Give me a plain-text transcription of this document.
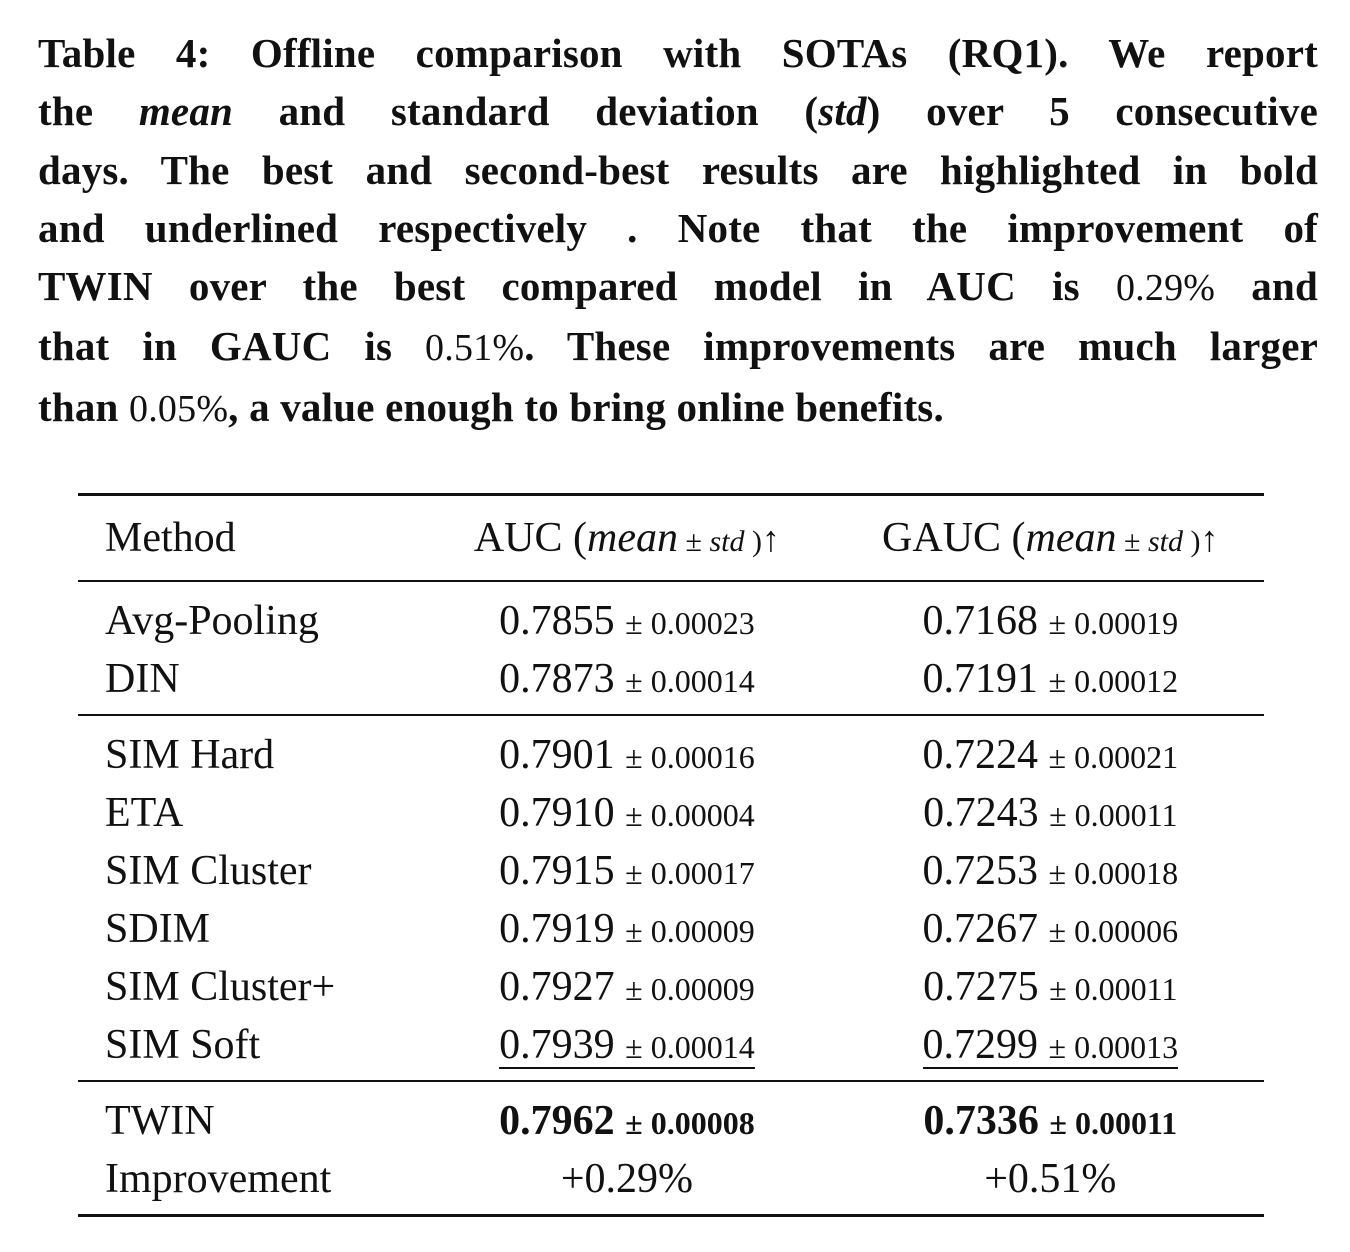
Table 4: Offline comparison with SOTAs (RQ1). We report
the mean and standard deviation (std) over 5 consecutive
days. The best and second-best results are highlighted in bold
and underlined respectively . Note that the improvement of
TWIN over the best compared model in AUC is 0.29% and
that in GAUC is 0.51%. These improvements are much larger
than 0.05%, a value enough to bring online benefits.
Method	AUC (mean ± std )↑	GAUC (mean ± std )↑
Avg-Pooling	0.7855 ± 0.00023	0.7168 ± 0.00019
DIN	0.7873 ± 0.00014	0.7191 ± 0.00012
SIM Hard	0.7901 ± 0.00016	0.7224 ± 0.00021
ETA	0.7910 ± 0.00004	0.7243 ± 0.00011
SIM Cluster	0.7915 ± 0.00017	0.7253 ± 0.00018
SDIM	0.7919 ± 0.00009	0.7267 ± 0.00006
SIM Cluster+	0.7927 ± 0.00009	0.7275 ± 0.00011
SIM Soft	0.7939 ± 0.00014	0.7299 ± 0.00013
TWIN	0.7962 ± 0.00008	0.7336 ± 0.00011
Improvement	+0.29%	+0.51%
